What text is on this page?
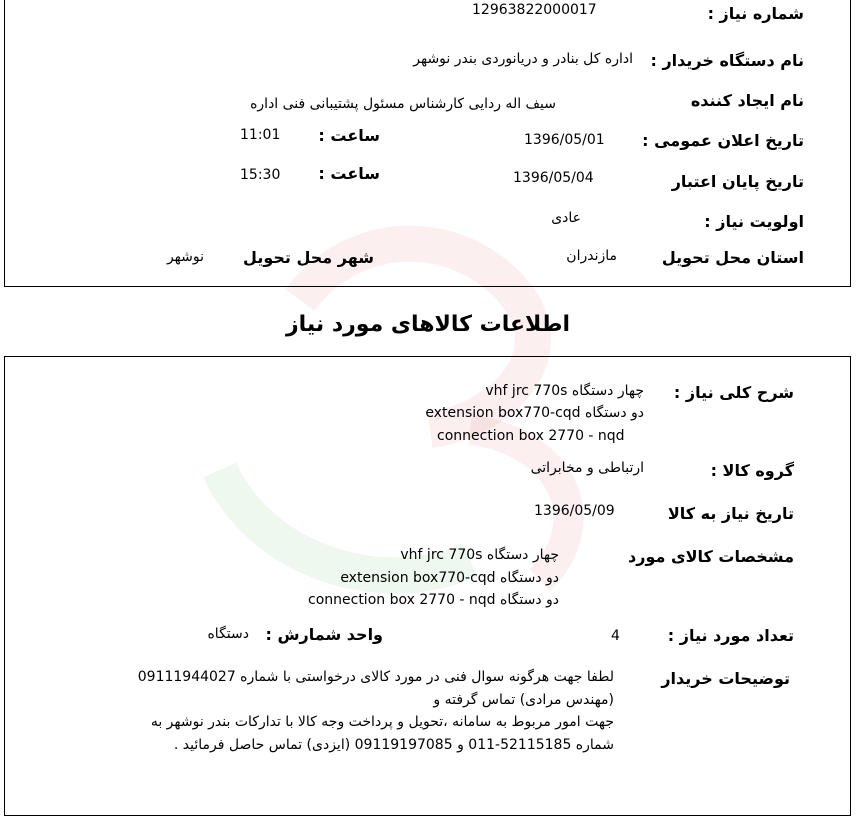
شماره نیاز :
12963822000017
نام دستگاه خریدار :
اداره کل بنادر و دریانوردی بندر نوشهر
نام ایجاد کننده
سیف اله ردایی کارشناس مسئول پشتیبانی فنی اداره
تاریخ اعلان عمومی :
1396/05/01
ساعت :
11:01
تاریخ پایان اعتبار
1396/05/04
ساعت :
15:30
اولویت نیاز :
عادی
استان محل تحویل
مازندران
شهر محل تحویل
نوشهر
اطلاعات کالاهای مورد نیاز
شرح کلی نیاز :
چهار دستگاه vhf jrc 770s
دو دستگاه extension box770-cqd
connection box 2770 - nqd
گروه کالا :
ارتباطی و مخابراتی
تاریخ نیاز به کالا
1396/05/09
مشخصات کالای مورد
چهار دستگاه vhf jrc 770s
دو دستگاه extension box770-cqd
دو دستگاه connection box 2770 - nqd
تعداد مورد نیاز :
4
واحد شمارش :
دستگاه
توضیحات خریدار
لطفا جهت هرگونه سوال فنی در مورد کالای درخواستی با شماره 09111944027
(مهندس مرادی) تماس گرفته و
جهت امور مربوط به سامانه ،تحویل و پرداخت وجه کالا با تدارکات بندر نوشهر به
شماره 52115185-011 و 09119197085 (ایزدی) تماس حاصل فرمائید .
